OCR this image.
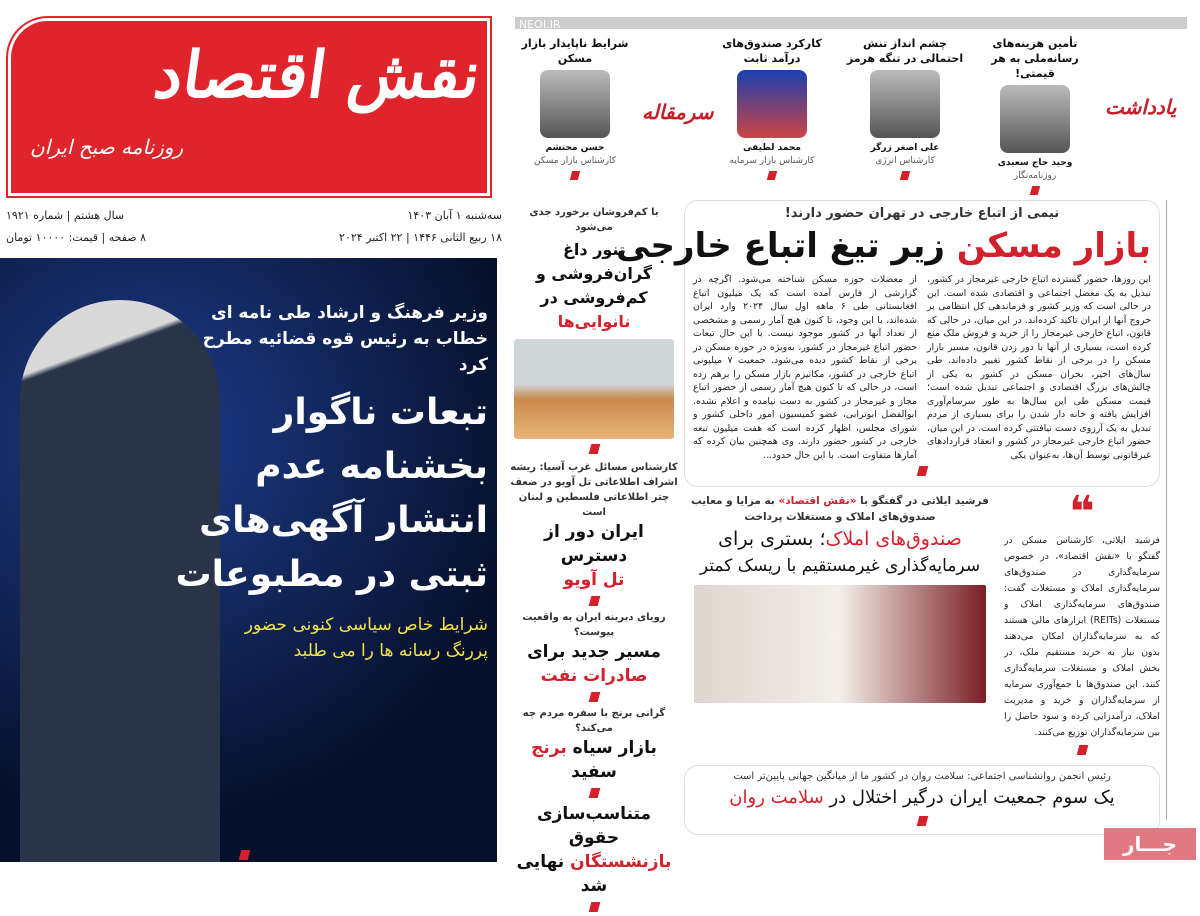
نقش اقتصاد
روزنامه صبح ایران
سه‌شنبه ۱ آبان ۱۴۰۳
۱۸ ربیع الثانی ۱۴۴۶ | ۲۲ اکتبر ۲۰۲۴
سال هشتم | شماره ۱۹۲۱
۸ صفحه | قیمت: ۱۰۰۰۰ تومان
NEOI.IR
یادداشت
سرمقاله
تأمین هزینه‌های رسانه‌ملی به هر قیمتی!
وحید حاج سعیدی
روزنامه‌نگار
چشم انداز تنش احتمالی در تنگه هرمز
علی اصغر زرگر
کارشناس انرژی
کارکرد صندوق‌های درآمد ثابت
محمد لطیفی
کارشناس بازار سرمایه
شرایط ناپایدار بازار مسکن
حسن محتشم
کارشناس بازار مسکن
وزیر فرهنگ و ارشاد طی نامه ای خطاب به رئیس قوه قضائیه مطرح کرد
تبعات ناگوار
بخشنامه عدم
انتشار آگهی‌های
ثبتی در مطبوعات
شرایط خاص سیاسی کنونی حضور
پررنگ رسانه ها را می طلبد
با کم‌فروشان برخورد جدی می‌شود
تنور داغ گران‌فروشی و کم‌فروشی در نانوایی‌ها
کارشناس مسائل غرب آسیا: ریشه اشراف اطلاعاتی تل آویو در ضعف چتر اطلاعاتی فلسطین و لبنان است
ایران دور از دسترس
تل آویو
رویای دیرینه ایران به واقعیت پیوست؟
مسیر جدید برای
صادرات نفت
گرانی برنج با سفره مردم چه می‌کند؟
بازار سیاه برنج سفید
متناسب‌سازی حقوق
بازنشستگان نهایی شد
نیمی از اتباع خارجی در تهران حضور دارند!
بازار مسکن زیر تیغ اتباع خارجی
این روزها، حضور گسترده اتباع خارجی غیرمجاز در کشور، تبدیل به یک معضل اجتماعی و اقتصادی شده است. این در حالی است که وزیر کشور و فرماندهی کل انتظامی بر خروج آنها از ایران تاکید کرده‌اند. در این میان، در حالی که قانون، اتباع خارجی غیرمجاز را از خرید و فروش ملک منع کرده است، بسیاری از آنها با دور زدن قانون، مسیر بازار مسکن را در برخی از نقاط کشور تغییر داده‌اند. طی سال‌های اخیر، بحران مسکن در کشور به یکی از چالش‌های بزرگ اقتصادی و اجتماعی تبدیل شده است؛ قیمت مسکن طی این سال‌ها به طور سرسام‌آوری افزایش یافته و خانه دار شدن را برای بسیاری از مردم تبدیل به یک آرزوی دست نیافتنی کرده است. در این میان، حضور اتباع خارجی غیرمجاز در کشور و انعقاد قراردادهای غیرقانونی توسط آن‌ها، به‌عنوان یکی
از معضلات حوزه مسکن شناخته می‌شود. اگرچه در گزارشی از فارس آمده است که یک میلیون اتباع افغانستانی طی ۶ ماهه اول سال ۲۰۲۴ وارد ایران شده‌اند، با این وجود، تا کنون هیچ آمار رسمی و مشخصی از تعداد آنها در کشور موجود نیست. با این حال تبعات حضور اتباع غیرمجاز در کشور، به‌ویژه در حوزه مسکن در برخی از نقاط کشور دیده می‌شود. جمعیت ۷ میلیونی اتباع خارجی در کشور، مکانیزم بازار مسکن را برهم زده است، در حالی که تا کنون هیچ آمار رسمی از حضور اتباع مجاز و غیرمجاز در کشور به دست نیامده و اعلام نشده. ابوالفضل ابوترابی، عضو کمیسیون امور داخلی کشور و شورای مجلس، اظهار کرده است که هفت میلیون تبعه خارجی در کشور حضور دارند. وی همچنین بیان کرده که آمارها متفاوت است. با این حال حدود...
❝
فرشید ایلاتی، کارشناس مسکن در گفتگو با «نقش اقتصاد»، در خصوص سرمایه‌گذاری در صندوق‌های سرمایه‌گذاری املاک و مستغلات گفت: صندوق‌های سرمایه‌گذاری املاک و مستغلات (REITs) ابزارهای مالی هستند که به سرمایه‌گذاران امکان می‌دهند بدون نیاز به خرید مستقیم ملک، در بخش املاک و مستغلات سرمایه‌گذاری کنند. این صندوق‌ها با جمع‌آوری سرمایه از سرمایه‌گذاران و خرید و مدیریت املاک، درآمدزایی کرده و سود حاصل را بین سرمایه‌گذاران توزیع می‌کنند.
فرشید ایلاتی در گفتگو با «نقش اقتصاد» به مزایا و معایب صندوق‌های املاک و مستغلات پرداخت
صندوق‌های املاک؛ بستری برای
سرمایه‌گذاری غیرمستقیم با ریسک کمتر
رئیس انجمن روانشناسی اجتماعی: سلامت روان در کشور ما از میانگین جهانی پایین‌تر است
یک سوم جمعیت ایران درگیر اختلال در سلامت روان
جـــار
